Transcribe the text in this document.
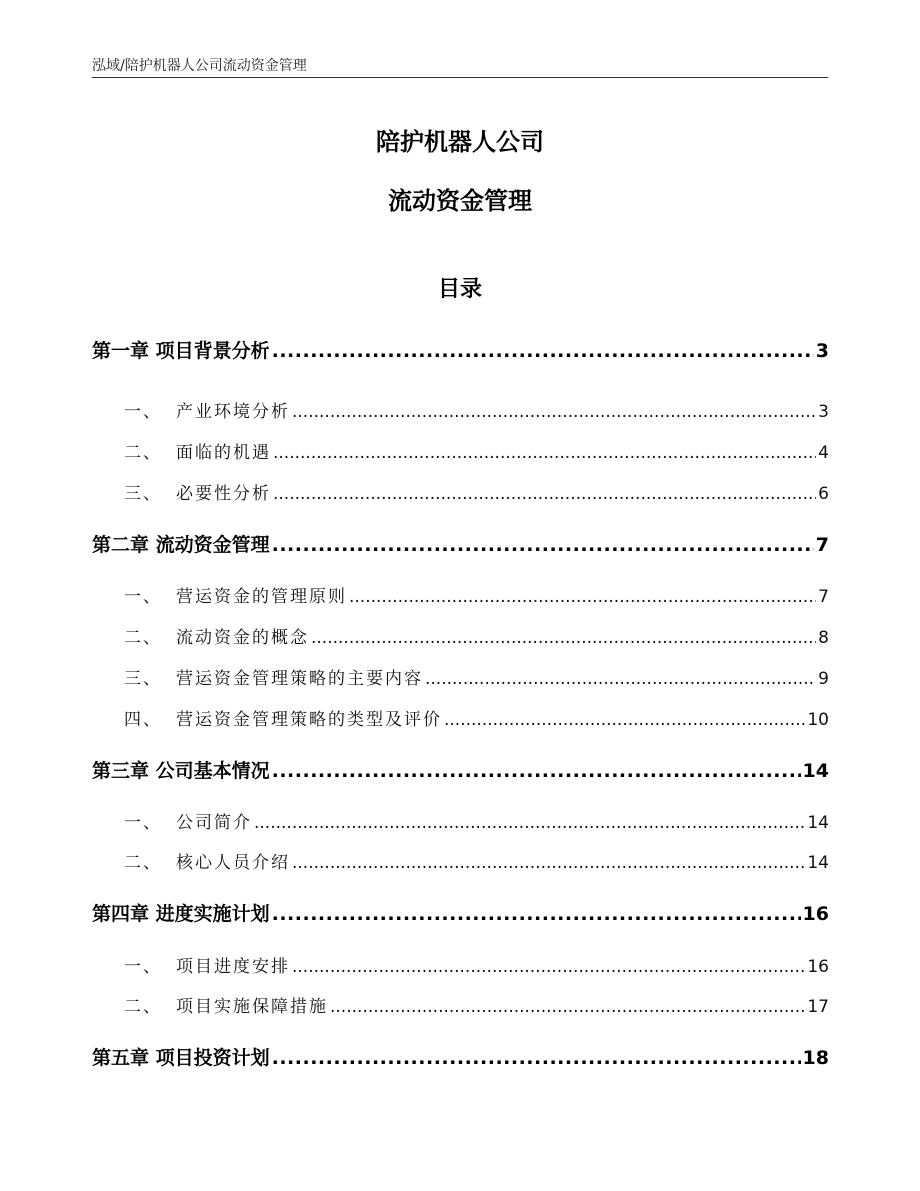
泓域/陪护机器人公司流动资金管理
陪护机器人公司
流动资金管理
目录
第一章 项目背景分析 .....	3
一、 产业环境分析 .....	3
二、 面临的机遇 .....	4
三、 必要性分析 .....	6
第二章 流动资金管理 .....	7
一、 营运资金的管理原则 .....	7
二、 流动资金的概念 .....	8
三、 营运资金管理策略的主要内容 .....	9
四、 营运资金管理策略的类型及评价 .....	10
第三章 公司基本情况 .....	14
一、 公司简介 .....	14
二、 核心人员介绍 .....	14
第四章 进度实施计划 .....	16
一、 项目进度安排 .....	16
二、 项目实施保障措施 .....	17
第五章 项目投资计划 .....	18
